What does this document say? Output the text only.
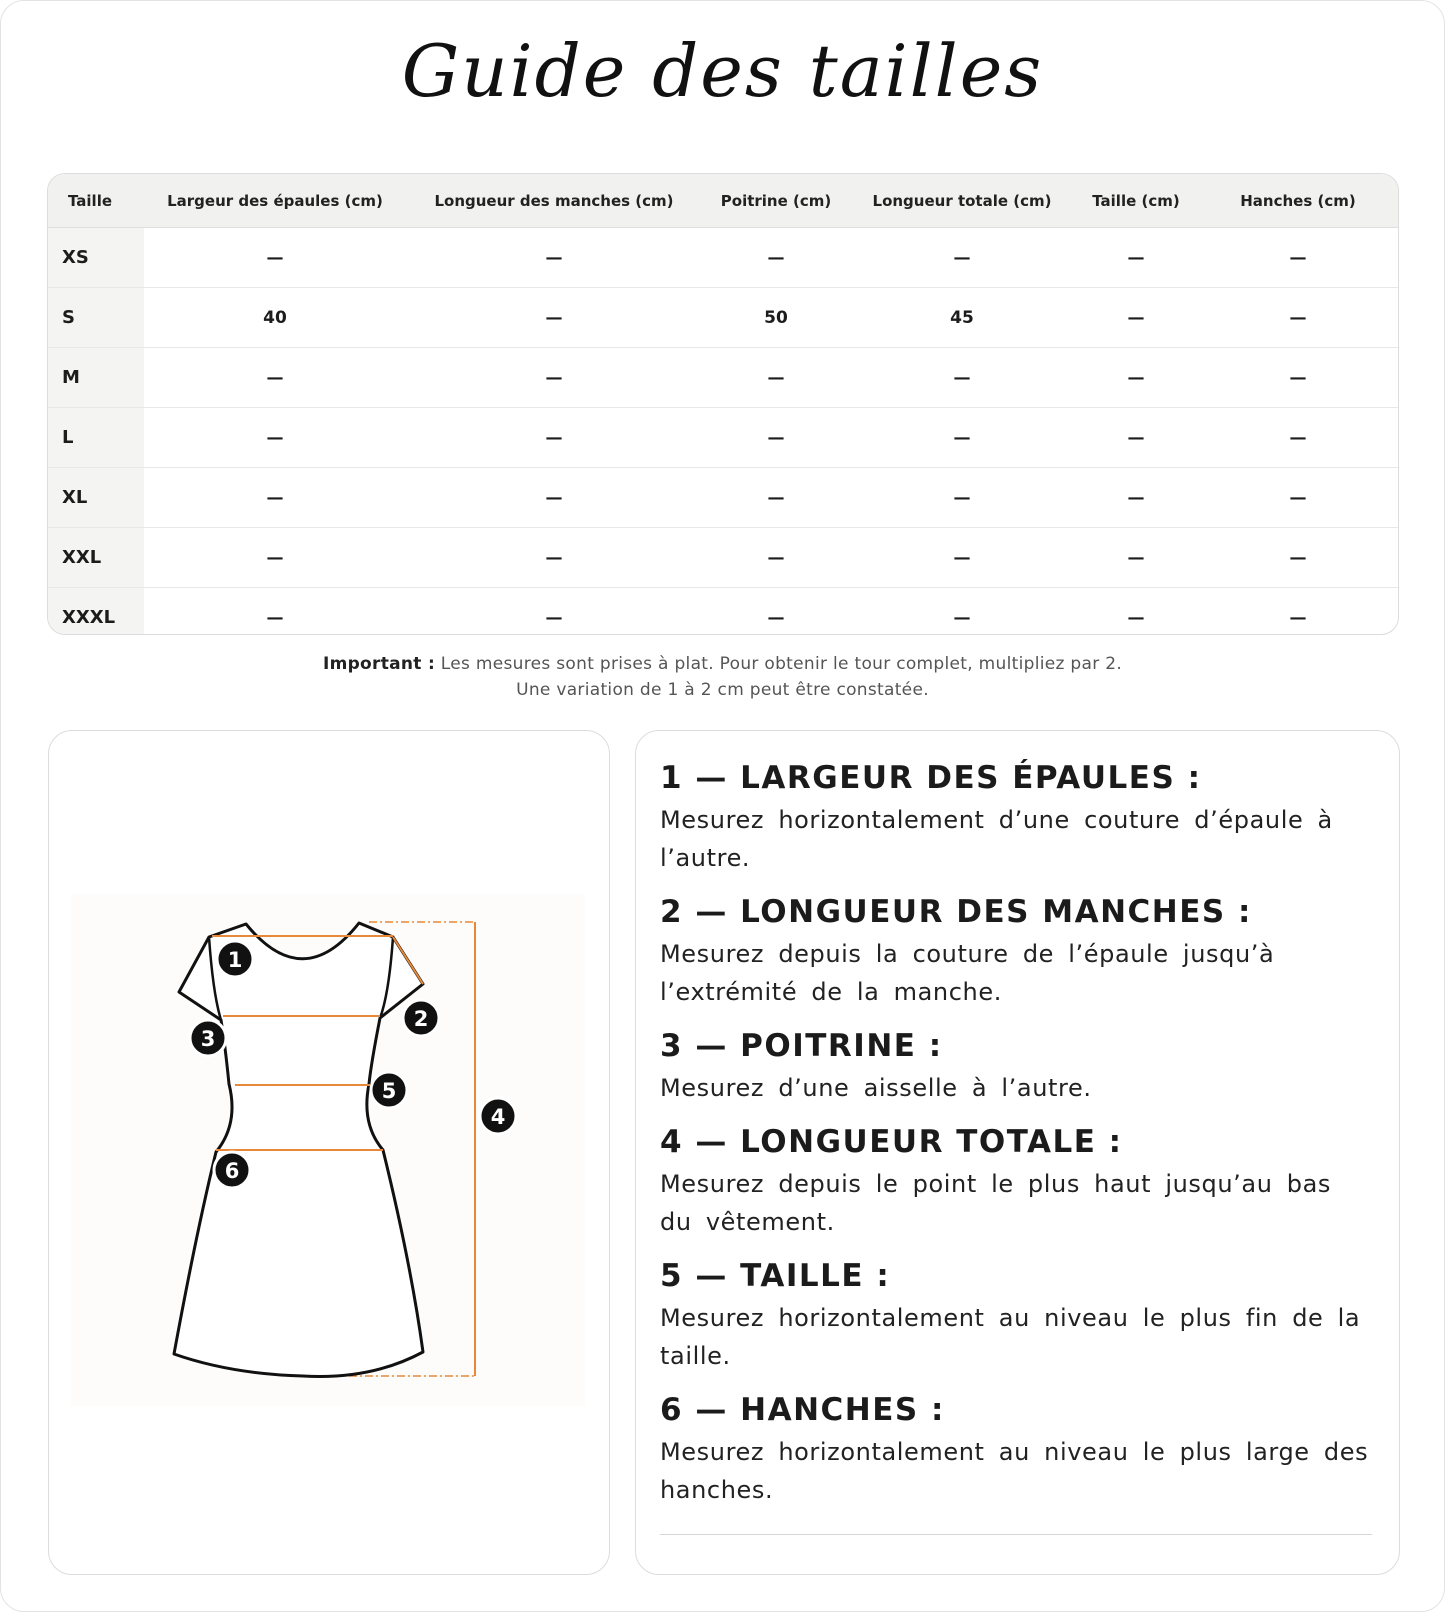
Guide des tailles
Taille	Largeur des épaules (cm)	Longueur des manches (cm)	Poitrine (cm)	Longueur totale (cm)	Taille (cm)	Hanches (cm)
XS	—	—	—	—	—	—
S	40	—	50	45	—	—
M	—	—	—	—	—	—
L	—	—	—	—	—	—
XL	—	—	—	—	—	—
XXL	—	—	—	—	—	—
XXXL	—	—	—	—	—	—
Important : Les mesures sont prises à plat. Pour obtenir le tour complet, multipliez par 2.
Une variation de 1 à 2 cm peut être constatée.
1
2
3
4
5
6
1 — LARGEUR DES ÉPAULES :

Mesurez horizontalement d’une couture d’épaule à l’autre.

2 — LONGUEUR DES MANCHES :

Mesurez depuis la couture de l’épaule jusqu’à l’extrémité de la manche.

3 — POITRINE :

Mesurez d’une aisselle à l’autre.

4 — LONGUEUR TOTALE :

Mesurez depuis le point le plus haut jusqu’au bas du vêtement.

5 — TAILLE :

Mesurez horizontalement au niveau le plus fin de la taille.

6 — HANCHES :

Mesurez horizontalement au niveau le plus large des hanches.
